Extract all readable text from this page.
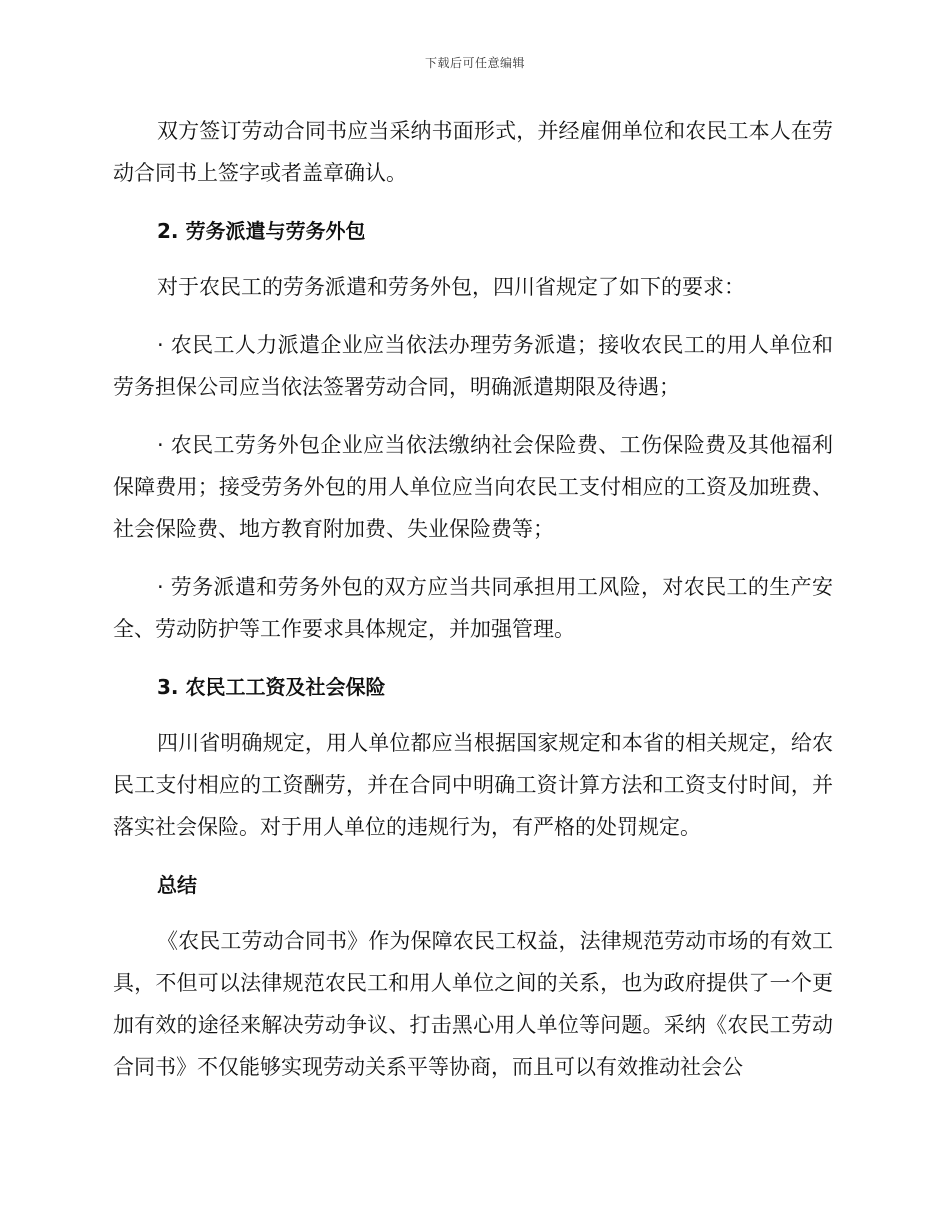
下载后可任意编辑

双方签订劳动合同书应当采纳书面形式，并经雇佣单位和农民工本人在劳动合同书上签字或者盖章确认。

2. 劳务派遣与劳务外包

对于农民工的劳务派遣和劳务外包，四川省规定了如下的要求：

· 农民工人力派遣企业应当依法办理劳务派遣；接收农民工的用人单位和劳务担保公司应当依法签署劳动合同，明确派遣期限及待遇；

· 农民工劳务外包企业应当依法缴纳社会保险费、工伤保险费及其他福利保障费用；接受劳务外包的用人单位应当向农民工支付相应的工资及加班费、社会保险费、地方教育附加费、失业保险费等；

· 劳务派遣和劳务外包的双方应当共同承担用工风险，对农民工的生产安全、劳动防护等工作要求具体规定，并加强管理。

3. 农民工工资及社会保险

四川省明确规定，用人单位都应当根据国家规定和本省的相关规定，给农民工支付相应的工资酬劳，并在合同中明确工资计算方法和工资支付时间，并落实社会保险。对于用人单位的违规行为，有严格的处罚规定。

总结

《农民工劳动合同书》作为保障农民工权益，法律规范劳动市场的有效工具，不但可以法律规范农民工和用人单位之间的关系，也为政府提供了一个更加有效的途径来解决劳动争议、打击黑心用人单位等问题。采纳《农民工劳动合同书》不仅能够实现劳动关系平等协商，而且可以有效推动社会公
